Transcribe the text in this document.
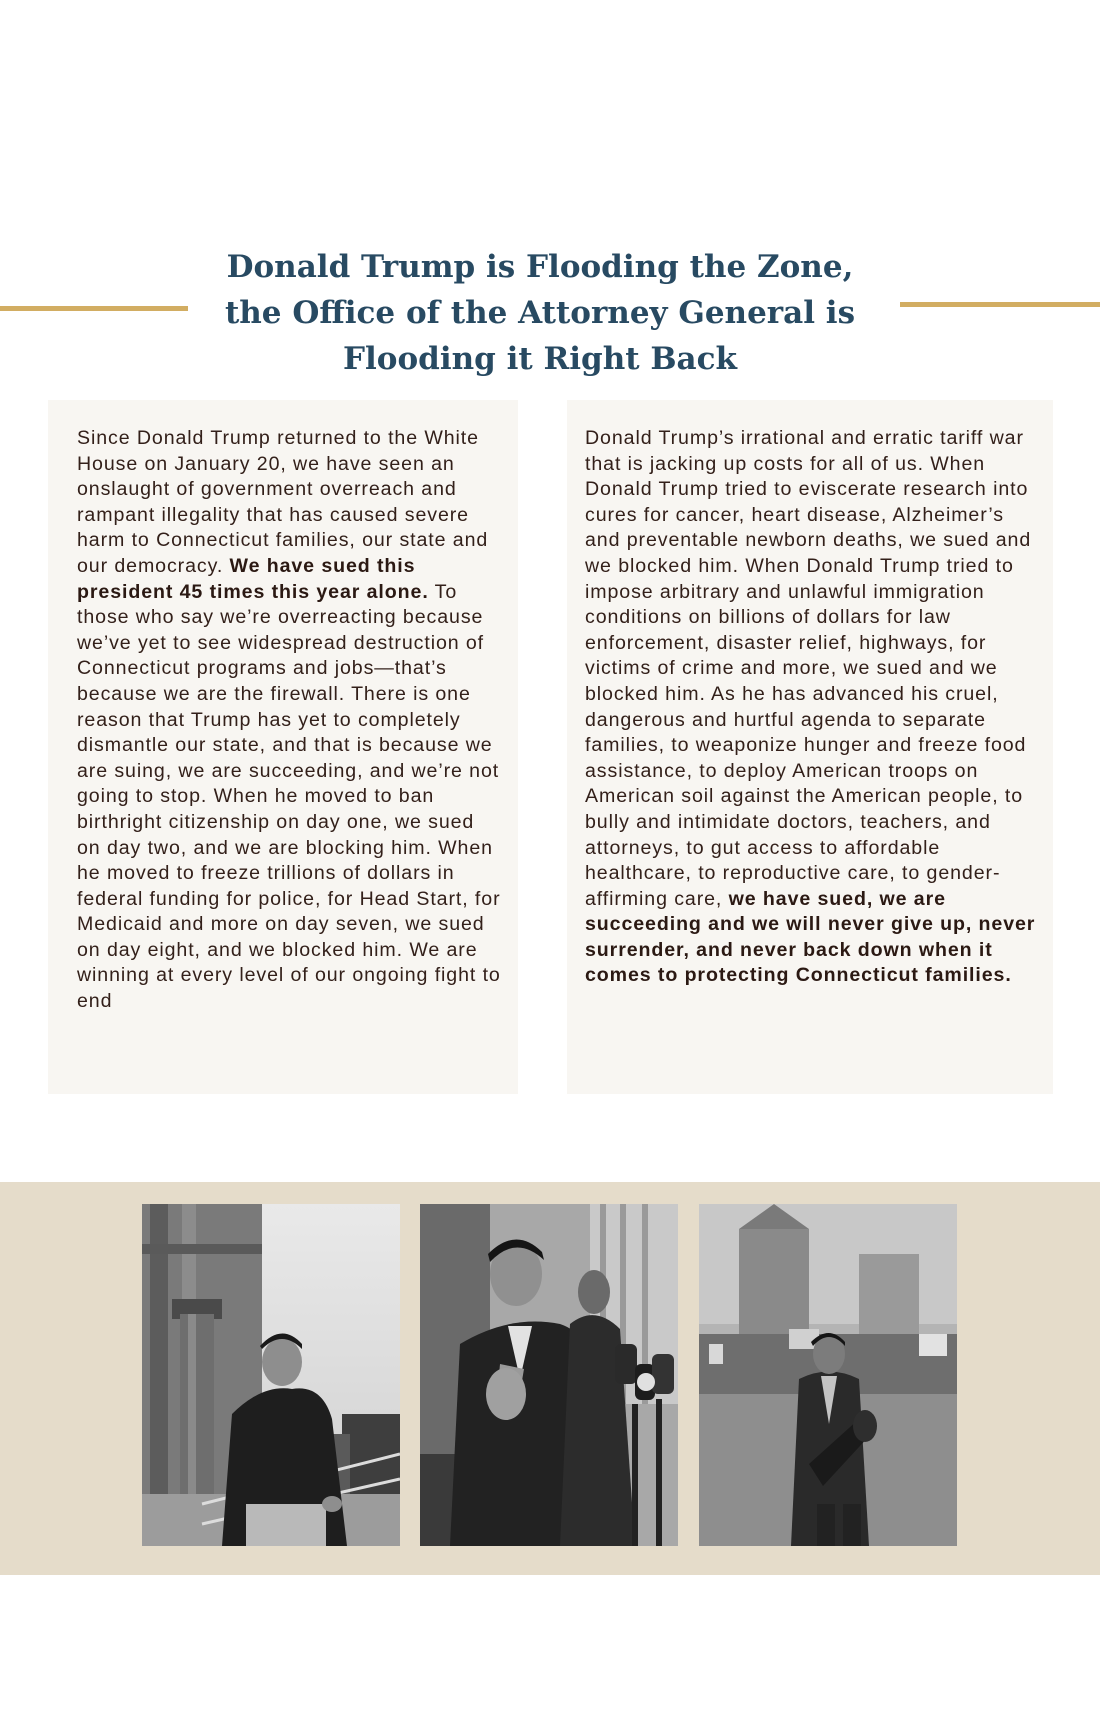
Donald Trump is Flooding the Zone,
the Office of the Attorney General is
Flooding it Right Back

Since Donald Trump returned to the White House on January 20, we have seen an onslaught of government overreach and rampant illegality that has caused severe harm to Connecticut families, our state and our democracy. We have sued this president 45 times this year alone. To those who say we’re overreacting because we’ve yet to see widespread destruction of Connecticut programs and jobs—that’s because we are the firewall. There is one reason that Trump has yet to completely dismantle our state, and that is because we are suing, we are succeeding, and we’re not going to stop. When he moved to ban birthright citizenship on day one, we sued on day two, and we are blocking him. When he moved to freeze trillions of dollars in federal funding for police, for Head Start, for Medicaid and more on day seven, we sued on day eight, and we blocked him. We are winning at every level of our ongoing fight to end

Donald Trump’s irrational and erratic tariff war that is jacking up costs for all of us. When Donald Trump tried to eviscerate research into cures for cancer, heart disease, Alzheimer’s and preventable newborn deaths, we sued and we blocked him. When Donald Trump tried to impose arbitrary and unlawful immigration conditions on billions of dollars for law enforcement, disaster relief, highways, for victims of crime and more, we sued and we blocked him. As he has advanced his cruel, dangerous and hurtful agenda to separate families, to weaponize hunger and freeze food assistance, to deploy American troops on American soil against the American people, to bully and intimidate doctors, teachers, and attorneys, to gut access to affordable healthcare, to reproductive care, to gender-affirming care, we have sued, we are succeeding and we will never give up, never surrender, and never back down when it comes to protecting Connecticut families.
